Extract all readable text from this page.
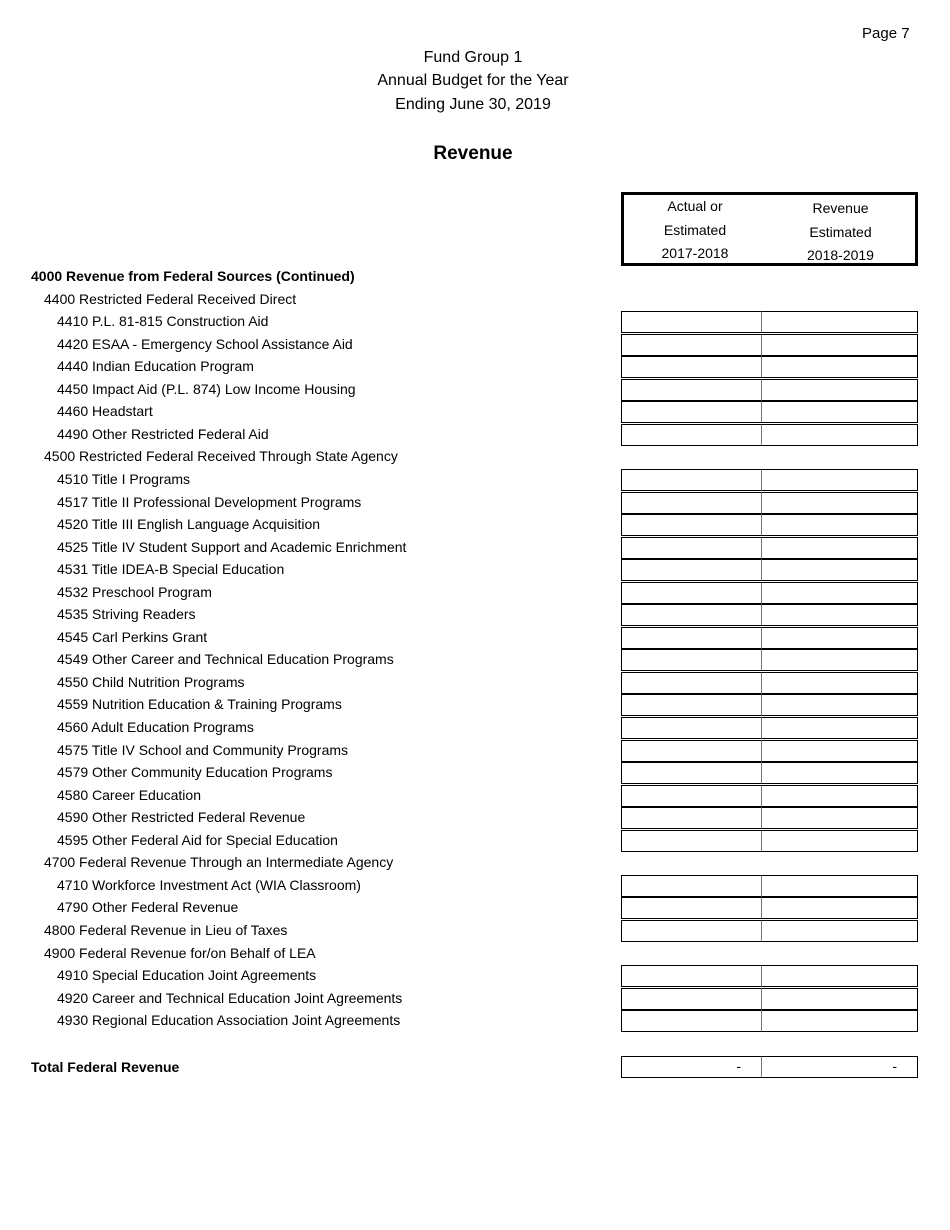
Page 7
Fund Group 1
Annual Budget for the Year
Ending June 30, 2019
Revenue
Actual or
Estimated
2017-2018
Revenue
Estimated
2018-2019
4000 Revenue from Federal Sources (Continued)
4400 Restricted Federal Received Direct
4410 P.L. 81-815 Construction Aid
4420 ESAA - Emergency School Assistance Aid
4440 Indian Education Program
4450 Impact Aid (P.L. 874) Low Income Housing
4460 Headstart
4490 Other Restricted Federal Aid
4500 Restricted Federal Received Through State Agency
4510 Title I Programs
4517 Title II Professional Development Programs
4520 Title III English Language Acquisition
4525 Title IV Student Support and Academic Enrichment
4531 Title IDEA-B Special Education
4532 Preschool Program
4535 Striving Readers
4545 Carl Perkins Grant
4549 Other Career and Technical Education Programs
4550 Child Nutrition Programs
4559 Nutrition Education & Training Programs
4560 Adult Education Programs
4575 Title IV School and Community Programs
4579 Other Community Education Programs
4580 Career Education
4590 Other Restricted Federal Revenue
4595 Other Federal Aid for Special Education
4700 Federal Revenue Through an Intermediate Agency
4710 Workforce Investment Act (WIA Classroom)
4790 Other Federal Revenue
4800 Federal Revenue in Lieu of Taxes
4900 Federal Revenue for/on Behalf of LEA
4910 Special Education Joint Agreements
4920 Career and Technical Education Joint Agreements
4930 Regional Education Association Joint Agreements
Total Federal Revenue	-	-
